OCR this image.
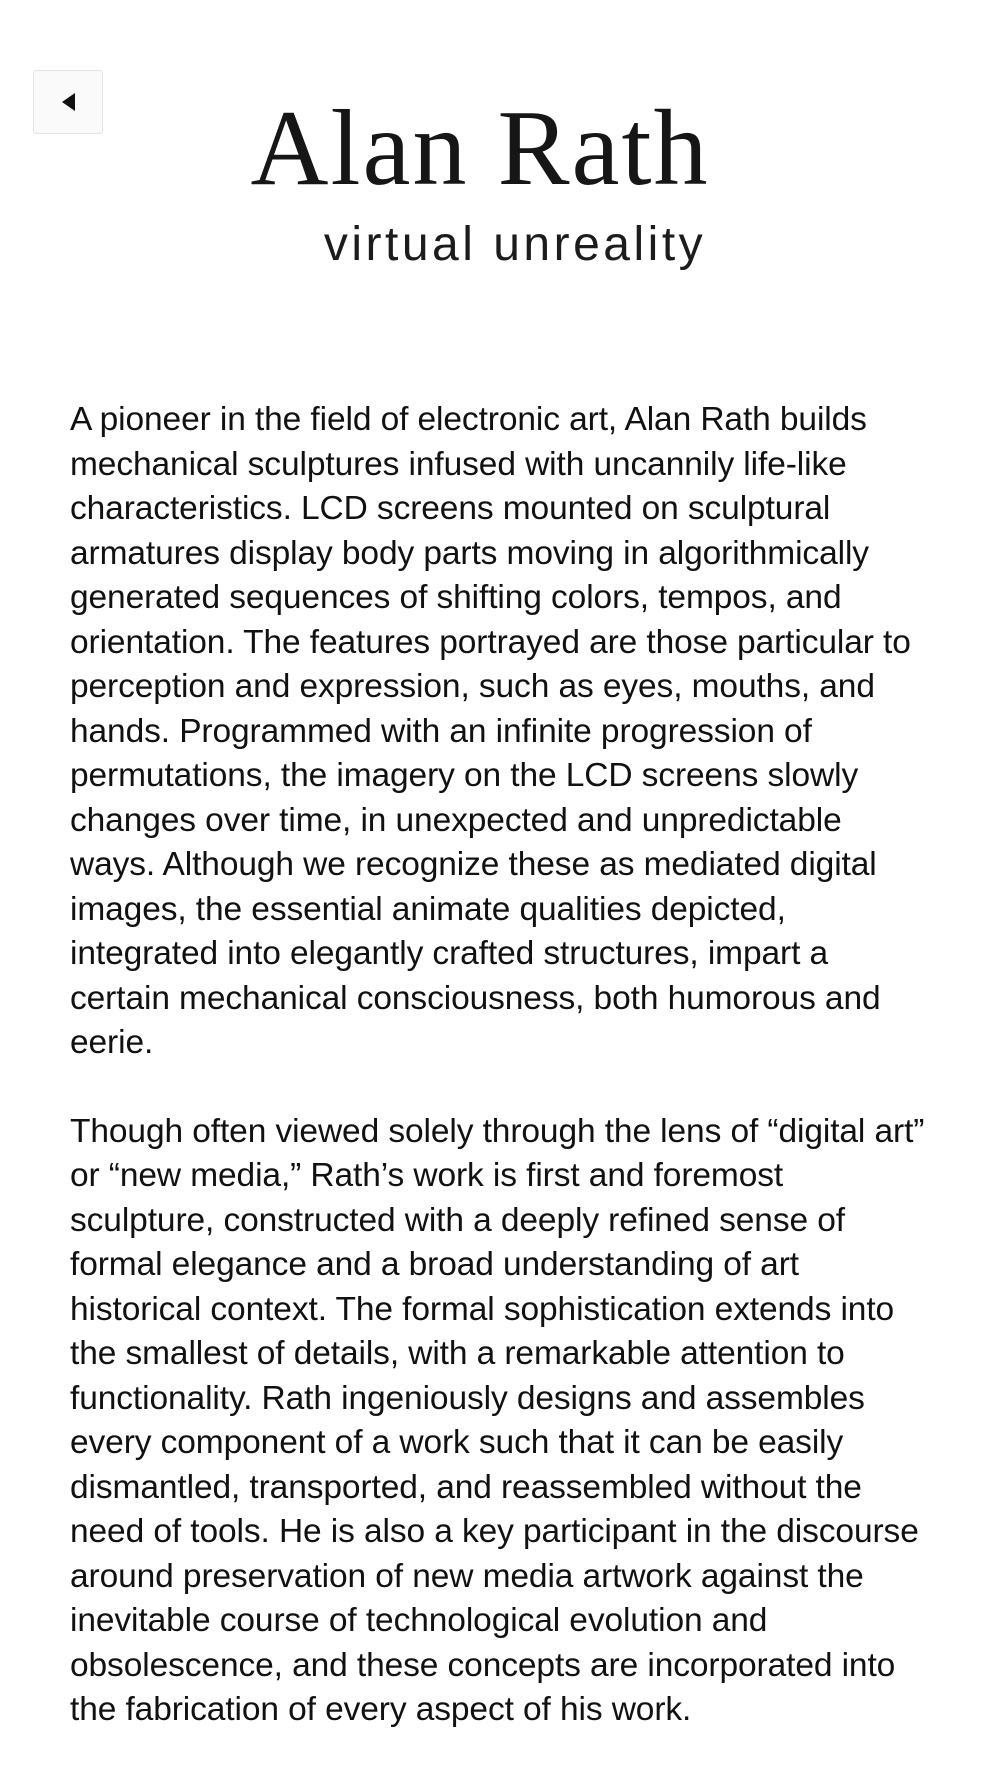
Alan Rath
virtual unreality

A pioneer in the field of electronic art, Alan Rath builds mechanical sculptures infused with uncannily life-like characteristics. LCD screens mounted on sculptural armatures display body parts moving in algorithmically generated sequences of shifting colors, tempos, and orientation. The features portrayed are those particular to perception and expression, such as eyes, mouths, and hands. Programmed with an infinite progression of permutations, the imagery on the LCD screens slowly changes over time, in unexpected and unpredictable ways. Although we recognize these as mediated digital images, the essential animate qualities depicted, integrated into elegantly crafted structures, impart a certain mechanical consciousness, both humorous and eerie.

Though often viewed solely through the lens of “digital art” or “new media,” Rath’s work is first and foremost sculpture, constructed with a deeply refined sense of formal elegance and a broad understanding of art historical context. The formal sophistication extends into the smallest of details, with a remarkable attention to functionality. Rath ingeniously designs and assembles every component of a work such that it can be easily dismantled, transported, and reassembled without the need of tools. He is also a key participant in the discourse around preservation of new media artwork against the inevitable course of technological evolution and obsolescence, and these concepts are incorporated into the fabrication of every aspect of his work.
